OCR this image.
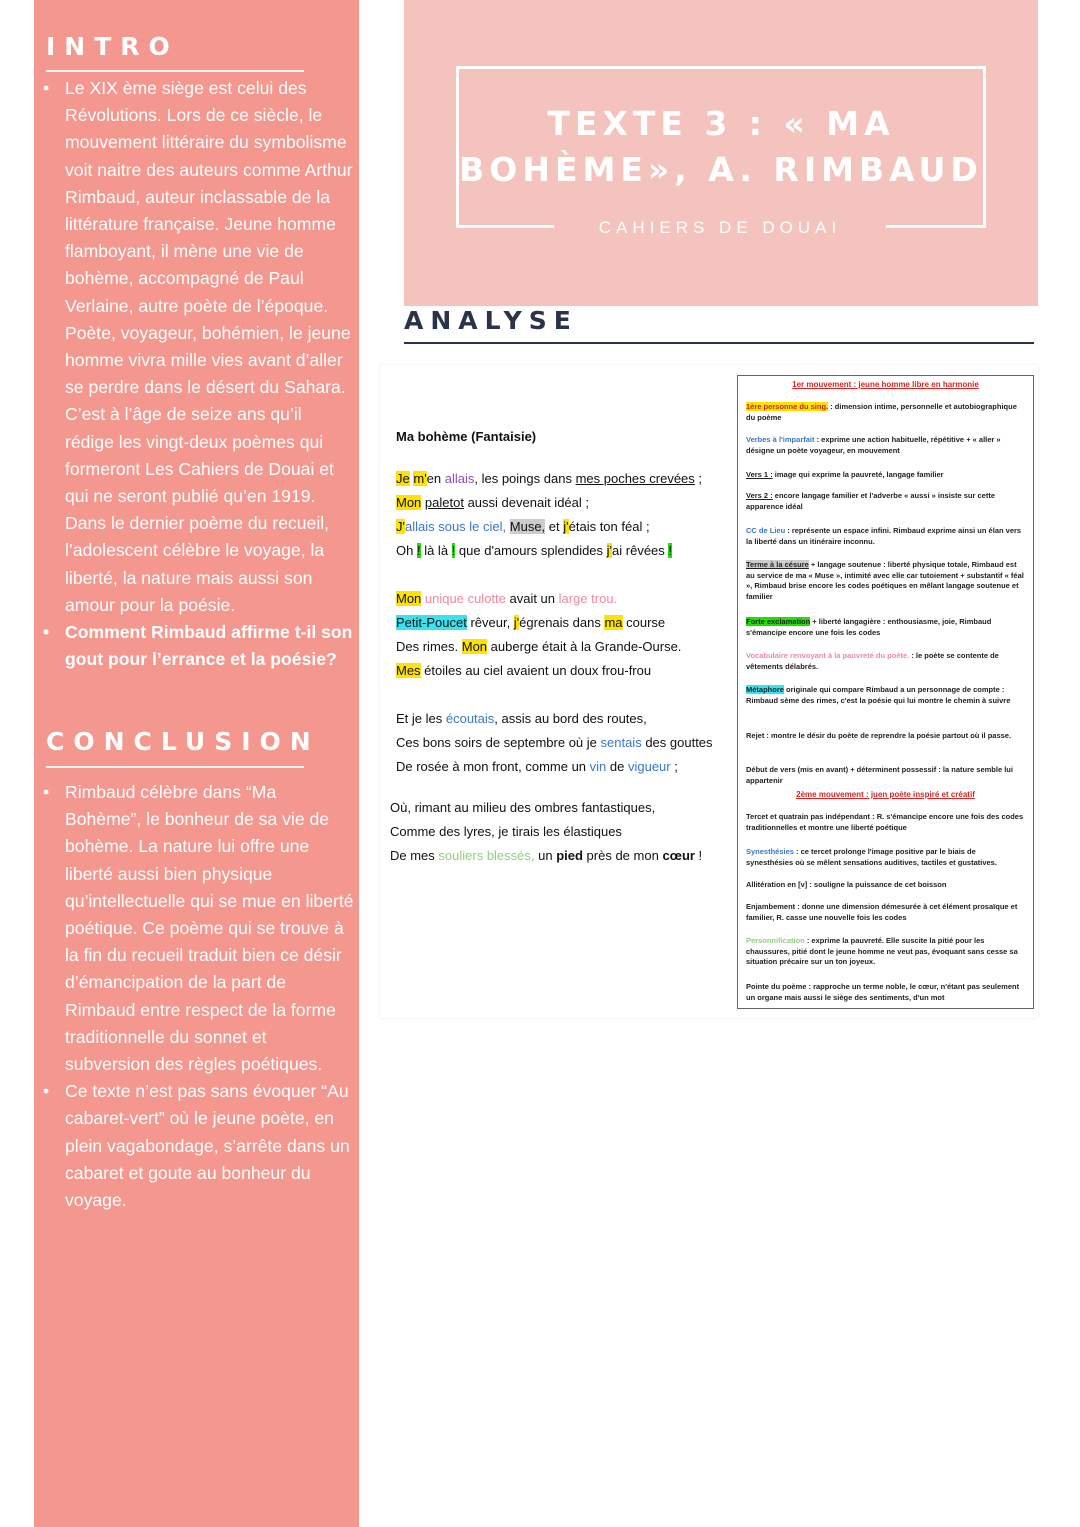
INTRO
• Le XIX ème siège est celui des Révolutions. Lors de ce siècle, le mouvement littéraire du symbolisme voit naitre des auteurs comme Arthur Rimbaud, auteur inclassable de la littérature française. Jeune homme flamboyant, il mène une vie de bohème, accompagné de Paul Verlaine, autre poète de l’époque. Poète, voyageur, bohémien, le jeune homme vivra mille vies avant d’aller se perdre dans le désert du Sahara. C’est à l’âge de seize ans qu’il rédige les vingt-deux poèmes qui formeront Les Cahiers de Douai et qui ne seront publié qu’en 1919. Dans le dernier poème du recueil, l’adolescent célèbre le voyage, la liberté, la nature mais aussi son amour pour la poésie.
• Comment Rimbaud affirme t-il son gout pour l’errance et la poésie?
CONCLUSION
• Rimbaud célèbre dans “Ma Bohème”, le bonheur de sa vie de bohème. La nature lui offre une liberté aussi bien physique qu’intellectuelle qui se mue en liberté poétique. Ce poème qui se trouve à la fin du recueil traduit bien ce désir d’émancipation de la part de Rimbaud entre respect de la forme traditionnelle du sonnet et subversion des règles poétiques.
• Ce texte n’est pas sans évoquer “Au cabaret-vert” où le jeune poète, en plein vagabondage, s’arrête dans un cabaret et goute au bonheur du voyage.
TEXTE 3 : « MA
BOHÈME», A. RIMBAUD
CAHIERS DE DOUAI
ANALYSE
Ma bohème (Fantaisie)
Je m'en allais, les poings dans mes poches crevées ;
Mon paletot aussi devenait idéal ;
J'allais sous le ciel, Muse, et j'étais ton féal ;
Oh ! là là ! que d'amours splendides j'ai rêvées !
Mon unique culotte avait un large trou.
Petit-Poucet rêveur, j'égrenais dans ma course
Des rimes. Mon auberge était à la Grande-Ourse.
Mes étoiles au ciel avaient un doux frou-frou
Et je les écoutais, assis au bord des routes,
Ces bons soirs de septembre où je sentais des gouttes
De rosée à mon front, comme un vin de vigueur ;
Où, rimant au milieu des ombres fantastiques,
Comme des lyres, je tirais les élastiques
De mes souliers blessés, un pied près de mon cœur !
1er mouvement : jeune homme libre en harmonie
1ère personne du sing. : dimension intime, personnelle et autobiographique du poème
Verbes à l'imparfait : exprime une action habituelle, répétitive + « aller » désigne un poète voyageur, en mouvement
Vers 1 : image qui exprime la pauvreté, langage familier
Vers 2 : encore langage familier et l'adverbe « aussi » insiste sur cette apparence idéal
CC de Lieu : représente un espace infini. Rimbaud exprime ainsi un élan vers la liberté dans un itinéraire inconnu.
Terme à la césure + langage soutenue : liberté physique totale, Rimbaud est au service de ma « Muse », intimité avec elle car tutoiement + substantif « féal », Rimbaud brise encore les codes poétiques en mêlant langage soutenue et familier
Forte exclamation + liberté langagière : enthousiasme, joie, Rimbaud s'émancipe encore une fois les codes
Vocabulaire renvoyant à la pauvreté du poète. : le poète se contente de vêtements délabrés.
Métaphore originale qui compare Rimbaud a un personnage de compte : Rimbaud sème des rimes, c'est la poésie qui lui montre le chemin à suivre
Rejet : montre le désir du poète de reprendre la poésie partout où il passe.
Début de vers (mis en avant) + déterminent possessif : la nature semble lui appartenir
2ème mouvement : juen poète inspiré et créatif
Tercet et quatrain pas indépendant : R. s'émancipe encore une fois des codes traditionnelles et montre une liberté poétique
Synesthésies : ce tercet prolonge l'image positive par le biais de synesthésies où se mêlent sensations auditives, tactiles et gustatives.
Allitération en [v] : souligne la puissance de cet boisson
Enjambement : donne une dimension démesurée à cet élément prosaïque et familier, R. casse une nouvelle fois les codes
Personnification : exprime la pauvreté. Elle suscite la pitié pour les chaussures, pitié dont le jeune homme ne veut pas, évoquant sans cesse sa situation précaire sur un ton joyeux.
Pointe du poème : rapproche un terme noble, le cœur, n'étant pas seulement un organe mais aussi le siège des sentiments, d'un mot
